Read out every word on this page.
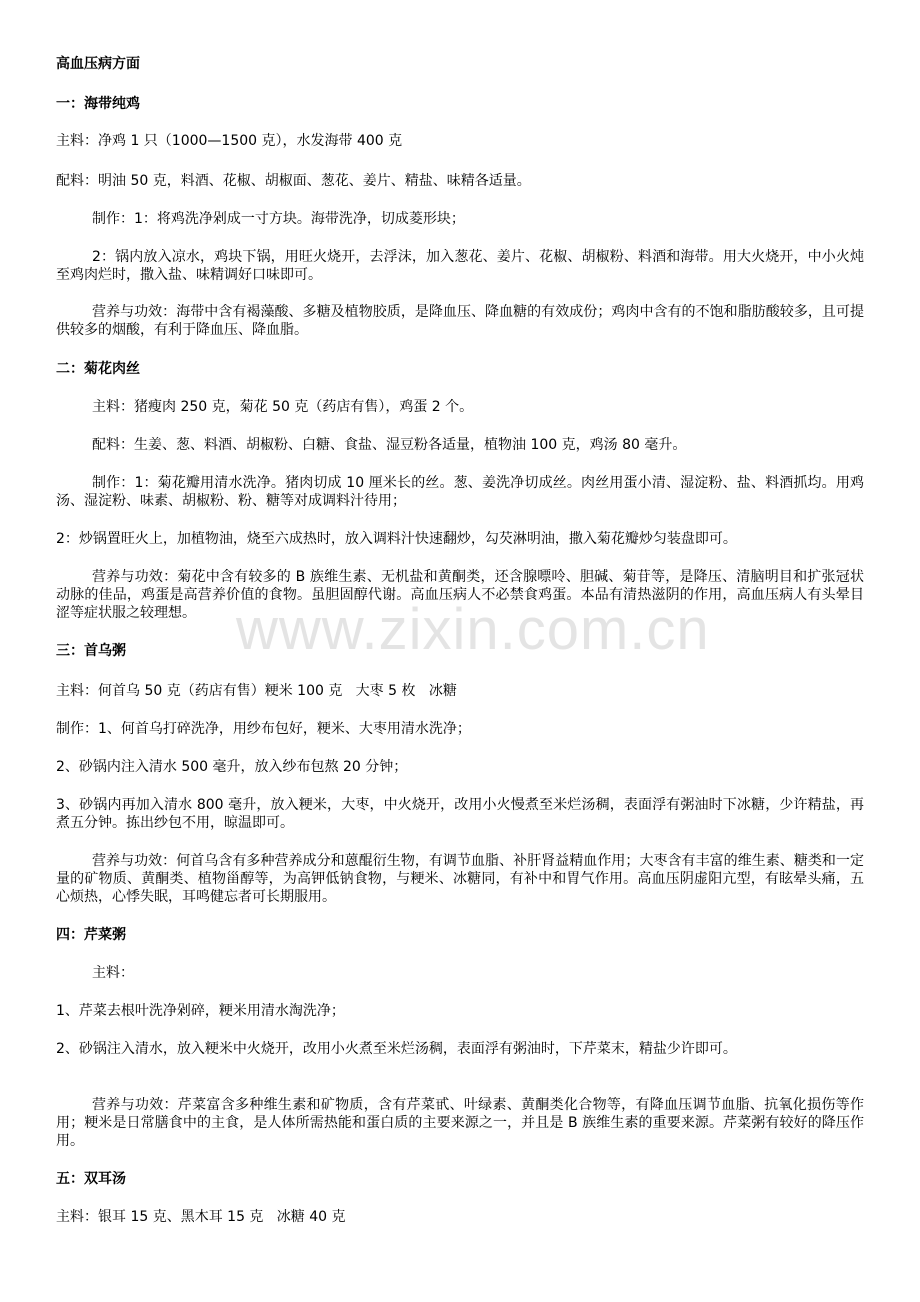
www.zixin.com.cn
高血压病方面
一：海带纯鸡
主料：净鸡 1 只（1000—1500 克），水发海带 400 克
配料：明油 50 克，料酒、花椒、胡椒面、葱花、姜片、精盐、味精各适量。
制作：1：将鸡洗净剁成一寸方块。海带洗净，切成菱形块；
2：锅内放入凉水，鸡块下锅，用旺火烧开，去浮沫，加入葱花、姜片、花椒、胡椒粉、料酒和海带。用大火烧开，中小火炖至鸡肉烂时，撒入盐、味精调好口味即可。
营养与功效：海带中含有褐藻酸、多糖及植物胶质，是降血压、降血糖的有效成份；鸡肉中含有的不饱和脂肪酸较多，且可提供较多的烟酸，有利于降血压、降血脂。
二：菊花肉丝
主料：猪瘦肉 250 克，菊花 50 克（药店有售），鸡蛋 2 个。
配料：生姜、葱、料酒、胡椒粉、白糖、食盐、湿豆粉各适量，植物油 100 克，鸡汤 80 毫升。
制作：1：菊花瓣用清水洗净。猪肉切成 10 厘米长的丝。葱、姜洗净切成丝。肉丝用蛋小清、湿淀粉、盐、料酒抓均。用鸡汤、湿淀粉、味素、胡椒粉、粉、糖等对成调料汁待用；
2：炒锅置旺火上，加植物油，烧至六成热时，放入调料汁快速翻炒，勾芡淋明油，撒入菊花瓣炒匀装盘即可。
营养与功效：菊花中含有较多的 B 族维生素、无机盐和黄酮类，还含腺嘌呤、胆碱、菊苷等，是降压、清脑明目和扩张冠状动脉的佳品，鸡蛋是高营养价值的食物。虽胆固醇代谢。高血压病人不必禁食鸡蛋。本品有清热滋阴的作用，高血压病人有头晕目涩等症状服之较理想。
三：首乌粥
主料：何首乌 50 克（药店有售）粳米 100 克   大枣 5 枚   冰糖
制作：1、何首乌打碎洗净，用纱布包好，粳米、大枣用清水洗净；
2、砂锅内注入清水 500 毫升，放入纱布包熬 20 分钟；
3、砂锅内再加入清水 800 毫升，放入粳米，大枣，中火烧开，改用小火慢煮至米烂汤稠，表面浮有粥油时下冰糖，少许精盐，再煮五分钟。拣出纱包不用，晾温即可。
营养与功效：何首乌含有多种营养成分和蒽醌衍生物，有调节血脂、补肝肾益精血作用；大枣含有丰富的维生素、糖类和一定量的矿物质、黄酮类、植物甾醇等，为高钾低钠食物，与粳米、冰糖同，有补中和胃气作用。高血压阴虚阳亢型，有眩晕头痛，五心烦热，心悸失眠，耳鸣健忘者可长期服用。
四：芹菜粥
主料：
1、芹菜去根叶洗净剁碎，粳米用清水淘洗净；
2、砂锅注入清水，放入粳米中火烧开，改用小火煮至米烂汤稠，表面浮有粥油时，下芹菜末，精盐少许即可。
营养与功效：芹菜富含多种维生素和矿物质，含有芹菜甙、叶绿素、黄酮类化合物等，有降血压调节血脂、抗氧化损伤等作用；粳米是日常膳食中的主食，是人体所需热能和蛋白质的主要来源之一，并且是 B 族维生素的重要来源。芹菜粥有较好的降压作用。
五：双耳汤
主料：银耳 15 克、黑木耳 15 克   冰糖 40 克
